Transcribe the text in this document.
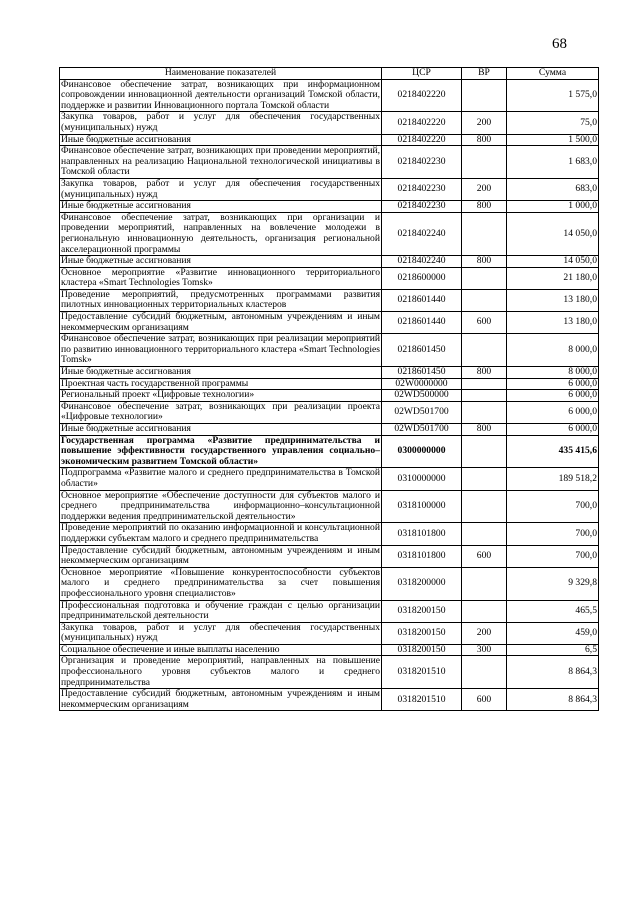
68
Наименование показателей	ЦСР	ВР	Сумма
Финансовое обеспечение затрат, возникающих при информационном сопровождении инновационной деятельности организаций Томской области, поддержке и развитии Инновационного портала Томской области	0218402220		1 575,0
Закупка товаров, работ и услуг для обеспечения государственных (муниципальных) нужд	0218402220	200	75,0
Иные бюджетные ассигнования	0218402220	800	1 500,0
Финансовое обеспечение затрат, возникающих при проведении мероприятий, направленных на реализацию Национальной технологической инициативы в Томской области	0218402230		1 683,0
Закупка товаров, работ и услуг для обеспечения государственных (муниципальных) нужд	0218402230	200	683,0
Иные бюджетные ассигнования	0218402230	800	1 000,0
Финансовое обеспечение затрат, возникающих при организации и проведении мероприятий, направленных на вовлечение молодежи в региональную инновационную деятельность, организация региональной акселерационной программы	0218402240		14 050,0
Иные бюджетные ассигнования	0218402240	800	14 050,0
Основное мероприятие «Развитие инновационного территориального кластера «Smart Technologies Tomsk»	0218600000		21 180,0
Проведение мероприятий, предусмотренных программами развития пилотных инновационных территориальных кластеров	0218601440		13 180,0
Предоставление субсидий бюджетным, автономным учреждениям и иным некоммерческим организациям	0218601440	600	13 180,0
Финансовое обеспечение затрат, возникающих при реализации мероприятий по развитию инновационного территориального кластера «Smart Technologies Tomsk»	0218601450		8 000,0
Иные бюджетные ассигнования	0218601450	800	8 000,0
Проектная часть государственной программы	02W0000000		6 000,0
Региональный проект «Цифровые технологии»	02WD500000		6 000,0
Финансовое обеспечение затрат, возникающих при реализации проекта «Цифровые технологии»	02WD501700		6 000,0
Иные бюджетные ассигнования	02WD501700	800	6 000,0
Государственная программа «Развитие предпринимательства и повышение эффективности государственного управления социально–экономическим развитием Томской области»	0300000000		435 415,6
Подпрограмма «Развитие малого и среднего предпринимательства в Томской области»	0310000000		189 518,2
Основное мероприятие «Обеспечение доступности для субъектов малого и среднего предпринимательства информационно–консультационной поддержки ведения предпринимательской деятельности»	0318100000		700,0
Проведение мероприятий по оказанию информационной и консультационной поддержки субъектам малого и среднего предпринимательства	0318101800		700,0
Предоставление субсидий бюджетным, автономным учреждениям и иным некоммерческим организациям	0318101800	600	700,0
Основное мероприятие «Повышение конкурентоспособности субъектов малого и среднего предпринимательства за счет повышения профессионального уровня специалистов»	0318200000		9 329,8
Профессиональная подготовка и обучение граждан с целью организации предпринимательской деятельности	0318200150		465,5
Закупка товаров, работ и услуг для обеспечения государственных (муниципальных) нужд	0318200150	200	459,0
Социальное обеспечение и иные выплаты населению	0318200150	300	6,5
Организация и проведение мероприятий, направленных на повышение профессионального уровня субъектов малого и среднего предпринимательства	0318201510		8 864,3
Предоставление субсидий бюджетным, автономным учреждениям и иным некоммерческим организациям	0318201510	600	8 864,3
